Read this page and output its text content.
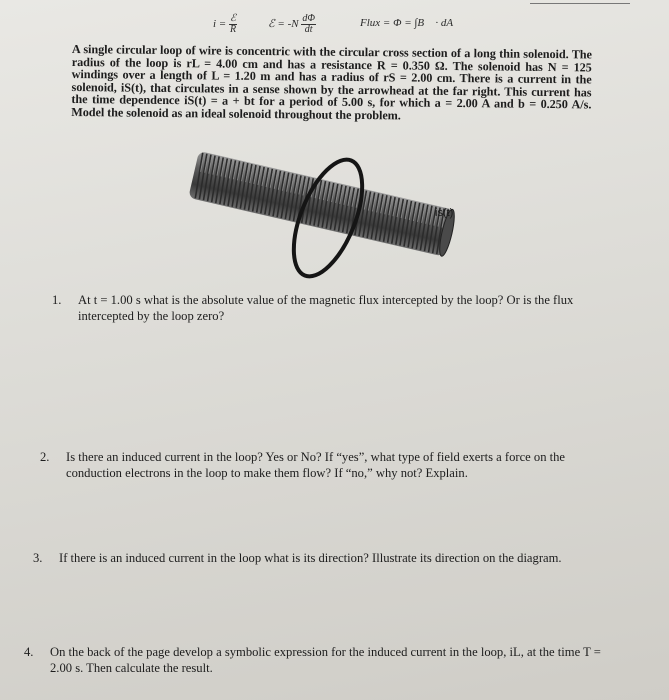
$i = \frac{\text{ℰ}}{R}$	ℰ = $-N \frac{d\Phi}{dt}$	Flux = Φ = ∫B⃗ · dA⃗
A single circular loop of wire is concentric with the circular cross section of a long thin solenoid. The radius of the loop is rL = 4.00 cm and has a resistance R = 0.350 Ω. The solenoid has N = 125 windings over a length of L = 1.20 m and has a radius of rS = 2.00 cm. There is a current in the solenoid, iS(t), that circulates in a sense shown by the arrowhead at the far right. This current has the time dependence iS(t) = a + bt for a period of 5.00 s, for which a = 2.00 A and b = 0.250 A/s. Model the solenoid as an ideal solenoid throughout the problem.
is(t)
1. At t = 1.00 s what is the absolute value of the magnetic flux intercepted by the loop? Or is the flux intercepted by the loop zero?
2. Is there an induced current in the loop? Yes or No? If “yes”, what type of field exerts a force on the conduction electrons in the loop to make them flow? If “no,” why not? Explain.
3. If there is an induced current in the loop what is its direction? Illustrate its direction on the diagram.
4. On the back of the page develop a symbolic expression for the induced current in the loop, iL, at the time T = 2.00 s. Then calculate the result.
